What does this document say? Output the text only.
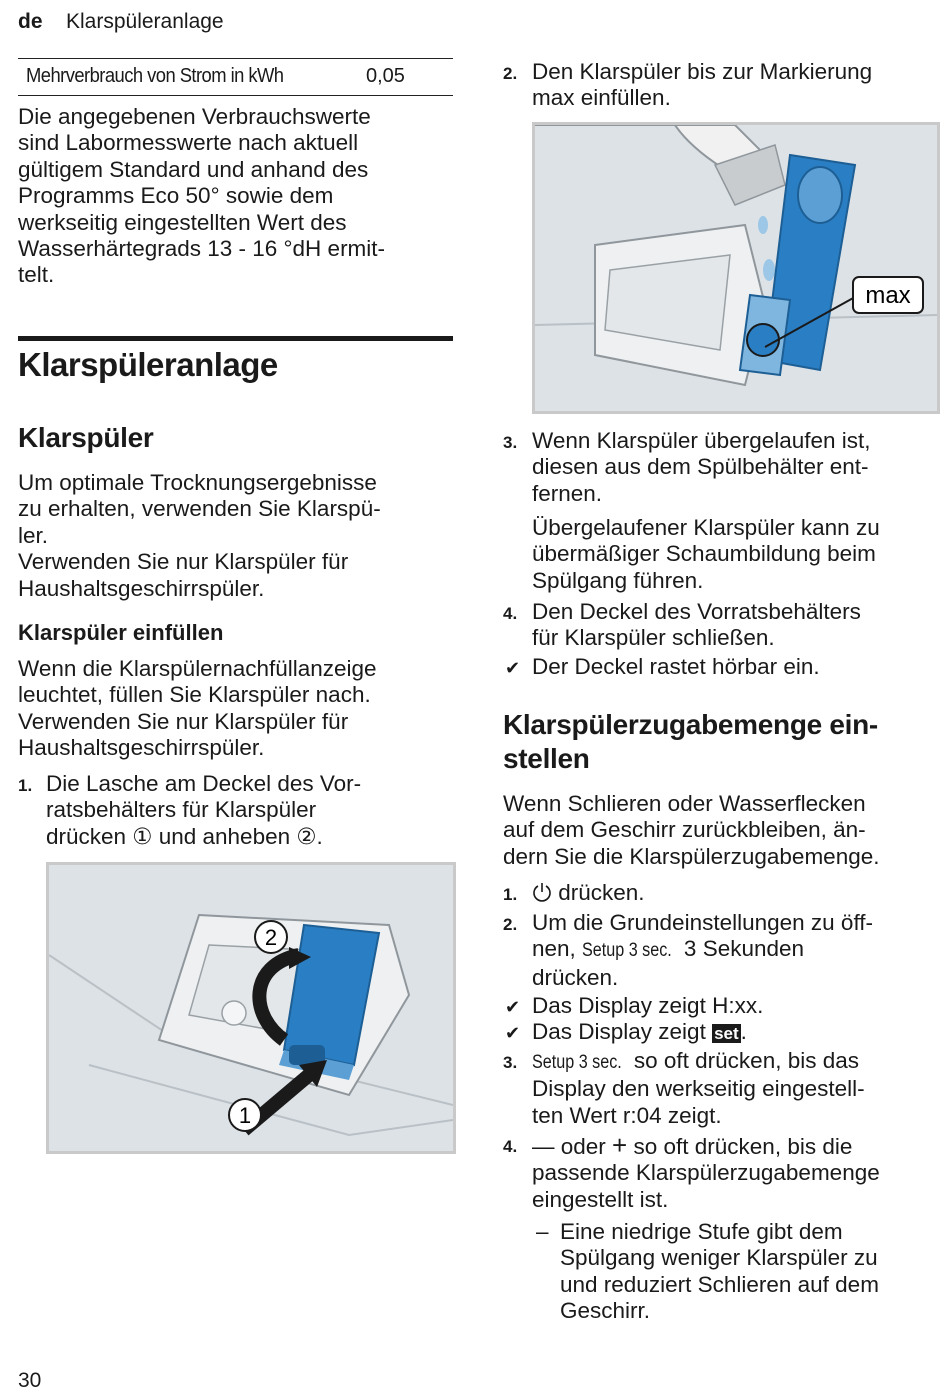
de Klarspüleranlage
Mehrverbrauch von Strom in kWh	0,05
Die angegebenen Verbrauchswerte
sind Labormesswerte nach aktuell
gültigem Standard und anhand des
Programms Eco 50° sowie dem
werkseitig eingestellten Wert des
Wasserhärtegrads 13 - 16 °dH ermit-
telt.
Klarspüleranlage
Klarspüler
Um optimale Trocknungsergebnisse
zu erhalten, verwenden Sie Klarspü-
ler.
Verwenden Sie nur Klarspüler für
Haushaltsgeschirrspüler.
Klarspüler einfüllen
Wenn die Klarspülernachfüllanzeige
leuchtet, füllen Sie Klarspüler nach.
Verwenden Sie nur Klarspüler für
Haushaltsgeschirrspüler.
1. Die Lasche am Deckel des Vor-
ratsbehälters für Klarspüler
drücken ① und anheben ②.
2
1
2. Den Klarspüler bis zur Markierung
max einfüllen.
max
3. Wenn Klarspüler übergelaufen ist,
diesen aus dem Spülbehälter ent-
fernen.
Übergelaufener Klarspüler kann zu
übermäßiger Schaumbildung beim
Spülgang führen.
4. Den Deckel des Vorratsbehälters
für Klarspüler schließen.
✔ Der Deckel rastet hörbar ein.
Klarspülerzugabemenge ein-
stellen
Wenn Schlieren oder Wasserflecken
auf dem Geschirr zurückbleiben, än-
dern Sie die Klarspülerzugabemenge.
1.	drücken.
2. Um die Grundeinstellungen zu öff-
nen, Setup 3 sec. 3 Sekunden
drücken.
✔ Das Display zeigt H:xx.
✔ Das Display zeigt set.
3. Setup 3 sec. so oft drücken, bis das
Display den werkseitig eingestell-
ten Wert r:04 zeigt.
4. — oder + so oft drücken, bis die
passende Klarspülerzugabemenge
eingestellt ist.
– Eine niedrige Stufe gibt dem
Spülgang weniger Klarspüler zu
und reduziert Schlieren auf dem
Geschirr.
30
